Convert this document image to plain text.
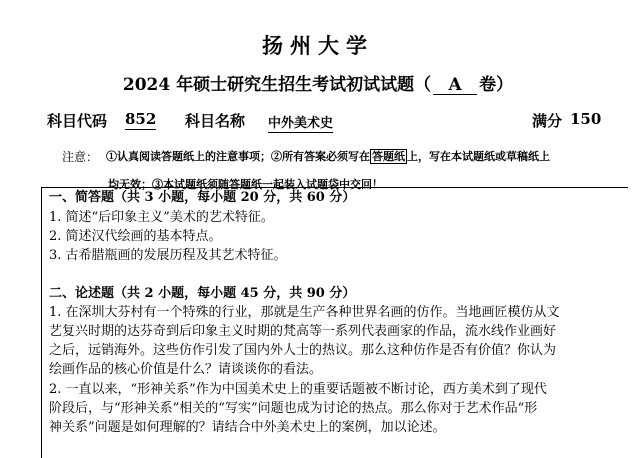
扬州大学
2024 年硕士研究生招生考试初试试题（ A 卷）
科目代码 852 科目名称 中外美术史	满分 150
注意： ①认真阅读答题纸上的注意事项；②所有答案必须写在 答题纸 上，写在本试题纸或草稿纸上
均无效；③本试题纸须随答题纸一起装入试题袋中交回！
一、简答题（共 3 小题，每小题 20 分，共 60 分）
1. 简述“后印象主义”美术的艺术特征。
2. 简述汉代绘画的基本特点。
3. 古希腊瓶画的发展历程及其艺术特征。
二、论述题（共 2 小题，每小题 45 分，共 90 分）
1. 在深圳大芬村有一个特殊的行业，那就是生产各种世界名画的仿作。当地画匠模仿从文
艺复兴时期的达芬奇到后印象主义时期的梵高等一系列代表画家的作品，流水线作业画好
之后，远销海外。这些仿作引发了国内外人士的热议。那么这种仿作是否有价值？你认为
绘画作品的核心价值是什么？请谈谈你的看法。
2. 一直以来，“形神关系”作为中国美术史上的重要话题被不断讨论，西方美术到了现代
阶段后，与“形神关系”相关的“写实”问题也成为讨论的热点。那么你对于艺术作品“形
神关系”问题是如何理解的？请结合中外美术史上的案例，加以论述。
